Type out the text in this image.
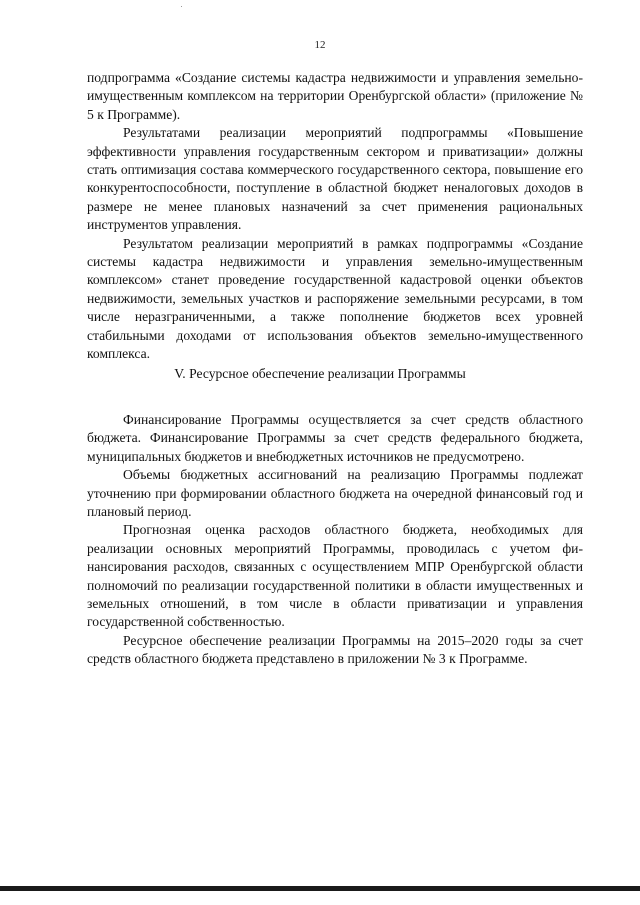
12

подпрограмма «Создание системы кадастра недвижимости и управления земельно-имущественным комплексом на территории Оренбургской области» (приложение № 5 к Программе).

Результатами реализации мероприятий подпрограммы «Повышение эффективности управления государственным сектором и приватизации» должны стать оптимизация состава коммерческого государственного сектора, повышение его конкурентоспособности, поступление в областной бюджет неналоговых доходов в размере не менее плановых назначений за счет применения рациональных инструментов управления.

Результатом реализации мероприятий в рамках подпрограммы «Создание системы кадастра недвижимости и управления земельно-имущественным комплексом» станет проведение государственной кадастровой оценки объектов недвижимости, земельных участков и распоряжение земельными ресурсами, в том числе неразграниченными, а также пополнение бюджетов всех уровней стабильными доходами от использования объектов земельно-имущественного комплекса.

V. Ресурсное обеспечение реализации Программы

Финансирование Программы осуществляется за счет средств областного бюджета. Финансирование Программы за счет средств федерального бюджета, муниципальных бюджетов и внебюджетных источников не предусмотрено.

Объемы бюджетных ассигнований на реализацию Программы подлежат уточнению при формировании областного бюджета на очередной финансовый год и плановый период.

Прогнозная оценка расходов областного бюджета, необходимых для реализации основных мероприятий Программы, проводилась с учетом финансирования расходов, связанных с осуществлением МПР Оренбургской области полномочий по реализации государственной политики в области имущественных и земельных отношений, в том числе в области приватизации и управления государственной собственностью.

Ресурсное обеспечение реализации Программы на 2015–2020 годы за счет средств областного бюджета представлено в приложении № 3 к Программе.
